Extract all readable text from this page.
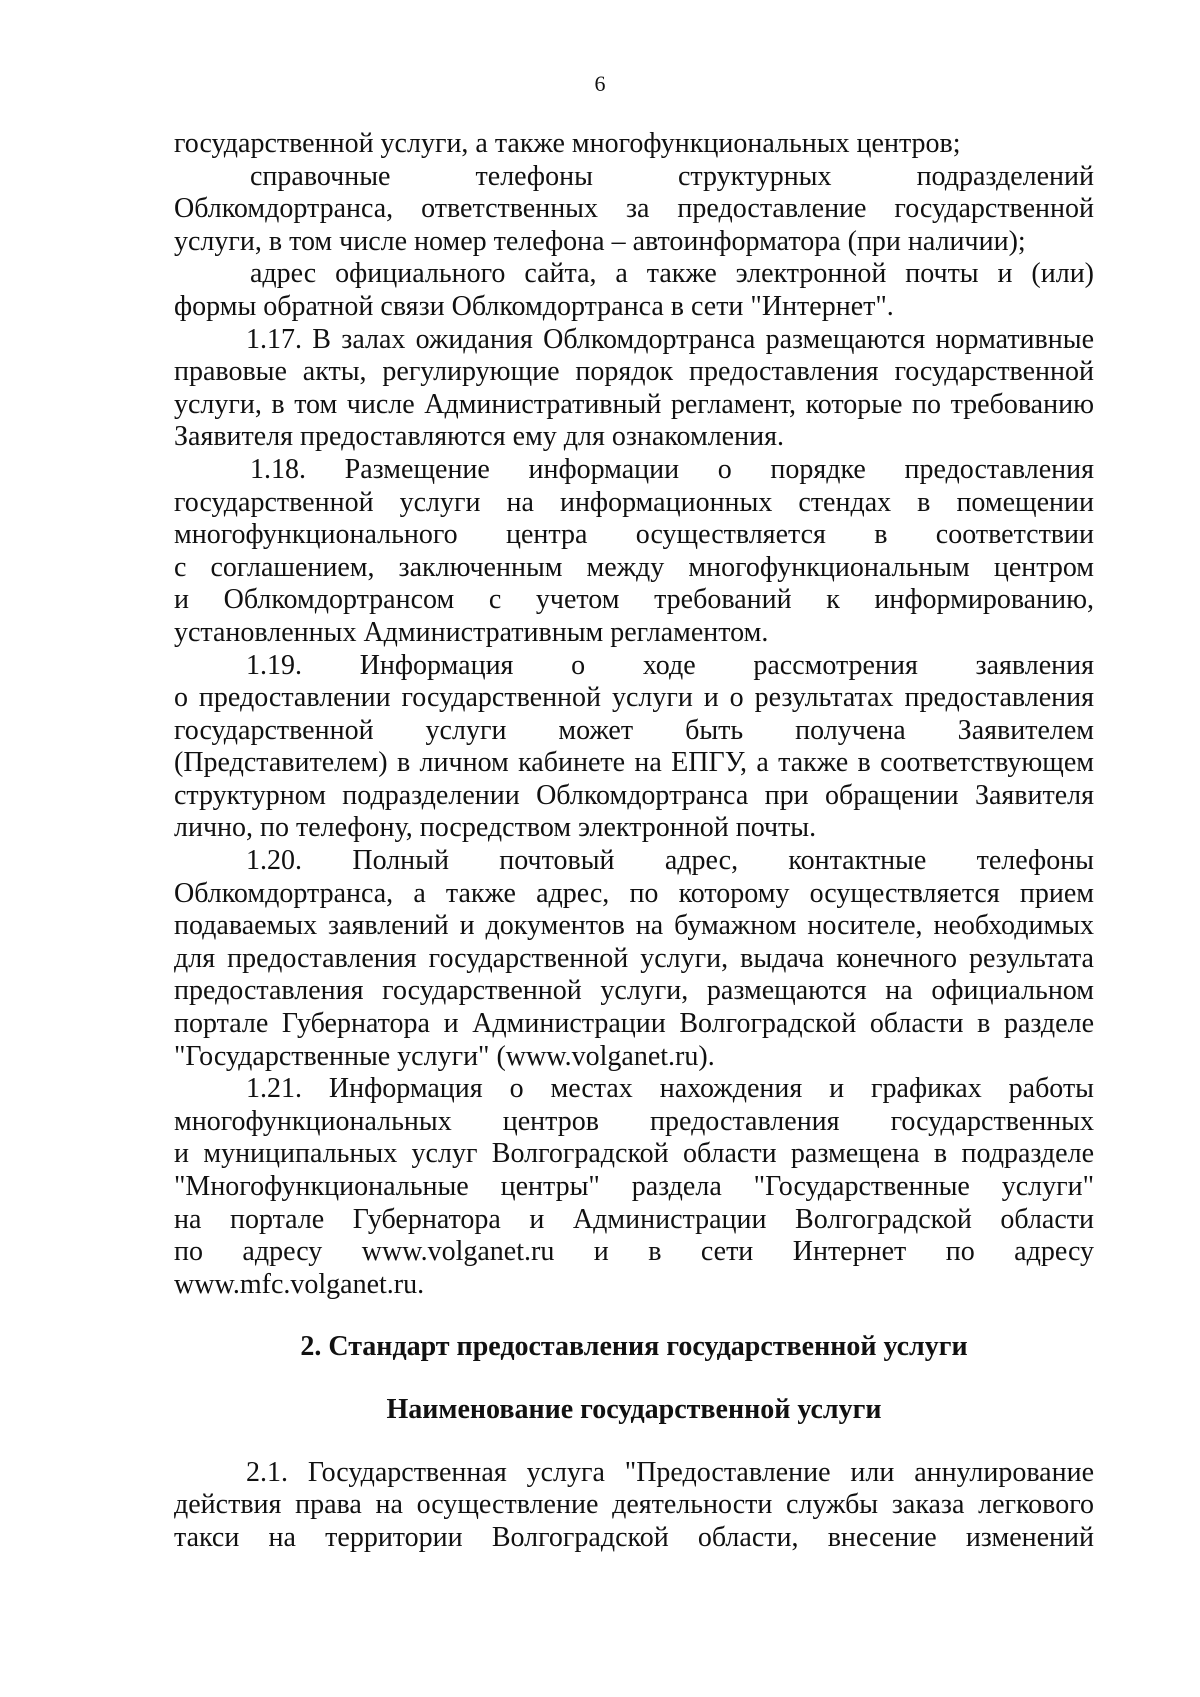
6
государственной услуги, а также многофункциональных центров;
справочные телефоны структурных подразделений
Облкомдортранса, ответственных за предоставление государственной
услуги, в том числе номер телефона – автоинформатора (при наличии);
адрес официального сайта, а также электронной почты и (или)
формы обратной связи Облкомдортранса в сети "Интернет".
1.17. В залах ожидания Облкомдортранса размещаются нормативные
правовые акты, регулирующие порядок предоставления государственной
услуги, в том числе Административный регламент, которые по требованию
Заявителя предоставляются ему для ознакомления.
1.18. Размещение информации о порядке предоставления
государственной услуги на информационных стендах в помещении
многофункционального центра осуществляется в соответствии
с соглашением, заключенным между многофункциональным центром
и Облкомдортрансом с учетом требований к информированию,
установленных Административным регламентом.
1.19. Информация о ходе рассмотрения заявления
о предоставлении государственной услуги и о результатах предоставления
государственной услуги может быть получена Заявителем
(Представителем) в личном кабинете на ЕПГУ, а также в соответствующем
структурном подразделении Облкомдортранса при обращении Заявителя
лично, по телефону, посредством электронной почты.
1.20. Полный почтовый адрес, контактные телефоны
Облкомдортранса, а также адрес, по которому осуществляется прием
подаваемых заявлений и документов на бумажном носителе, необходимых
для предоставления государственной услуги, выдача конечного результата
предоставления государственной услуги, размещаются на официальном
портале Губернатора и Администрации Волгоградской области в разделе
"Государственные услуги" (www.volganet.ru).
1.21. Информация о местах нахождения и графиках работы
многофункциональных центров предоставления государственных
и муниципальных услуг Волгоградской области размещена в подразделе
"Многофункциональные центры" раздела "Государственные услуги"
на портале Губернатора и Администрации Волгоградской области
по адресу www.volganet.ru и в сети Интернет по адресу
www.mfc.volganet.ru.
2. Стандарт предоставления государственной услуги
Наименование государственной услуги
2.1. Государственная услуга "Предоставление или аннулирование
действия права на осуществление деятельности службы заказа легкового
такси на территории Волгоградской области, внесение изменений
